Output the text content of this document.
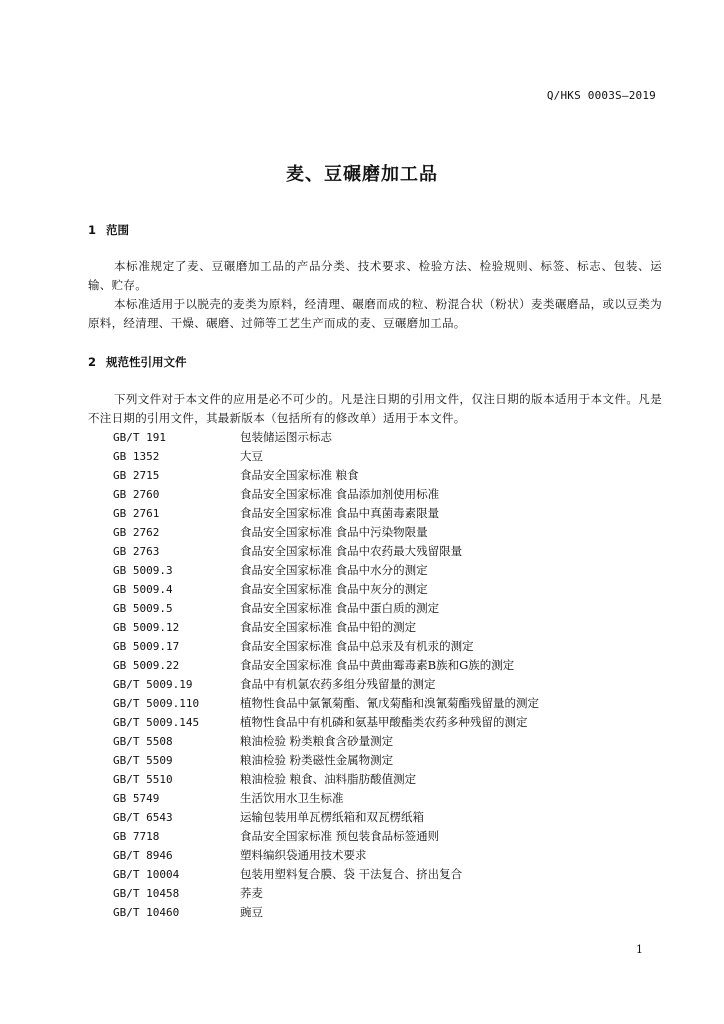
Q/HKS 0003S—2019
麦、豆碾磨加工品
1 范围
本标准规定了麦、豆碾磨加工品的产品分类、技术要求、检验方法、检验规则、标签、标志、包装、运输、贮存。
本标准适用于以脱壳的麦类为原料，经清理、碾磨而成的粒、粉混合状（粉状）麦类碾磨品，或以豆类为原料，经清理、干燥、碾磨、过筛等工艺生产而成的麦、豆碾磨加工品。
2 规范性引用文件
下列文件对于本文件的应用是必不可少的。凡是注日期的引用文件，仅注日期的版本适用于本文件。凡是不注日期的引用文件，其最新版本（包括所有的修改单）适用于本文件。
GB/T 191	包装储运图示标志
GB 1352	大豆
GB 2715	食品安全国家标准 粮食
GB 2760	食品安全国家标准 食品添加剂使用标准
GB 2761	食品安全国家标准 食品中真菌毒素限量
GB 2762	食品安全国家标准 食品中污染物限量
GB 2763	食品安全国家标准 食品中农药最大残留限量
GB 5009.3	食品安全国家标准 食品中水分的测定
GB 5009.4	食品安全国家标准 食品中灰分的测定
GB 5009.5	食品安全国家标准 食品中蛋白质的测定
GB 5009.12	食品安全国家标准 食品中铅的测定
GB 5009.17	食品安全国家标准 食品中总汞及有机汞的测定
GB 5009.22	食品安全国家标准 食品中黄曲霉毒素B族和G族的测定
GB/T 5009.19	食品中有机氯农药多组分残留量的测定
GB/T 5009.110	植物性食品中氯氰菊酯、氰戊菊酯和溴氰菊酯残留量的测定
GB/T 5009.145	植物性食品中有机磷和氨基甲酸酯类农药多种残留的测定
GB/T 5508	粮油检验 粉类粮食含砂量测定
GB/T 5509	粮油检验 粉类磁性金属物测定
GB/T 5510	粮油检验 粮食、油料脂肪酸值测定
GB 5749	生活饮用水卫生标准
GB/T 6543	运输包装用单瓦楞纸箱和双瓦楞纸箱
GB 7718	食品安全国家标准 预包装食品标签通则
GB/T 8946	塑料编织袋通用技术要求
GB/T 10004	包装用塑料复合膜、袋 干法复合、挤出复合
GB/T 10458	荞麦
GB/T 10460	豌豆
1
